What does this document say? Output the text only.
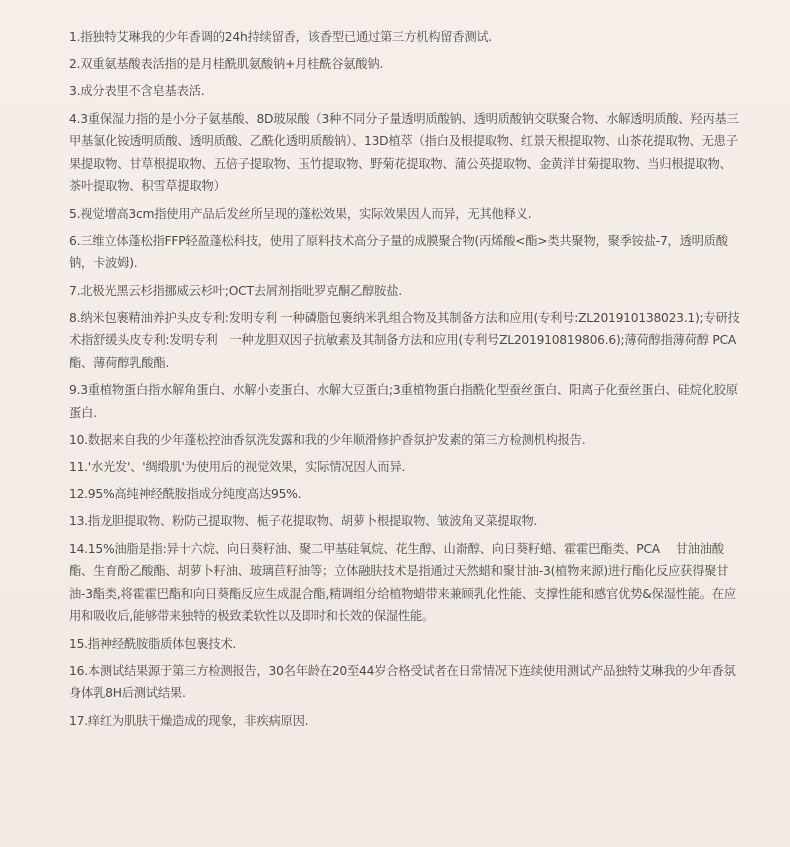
1.指独特艾琳我的少年香调的24h持续留香，该香型已通过第三方机构留香测试.

2.双重氨基酸表活指的是月桂酰肌氨酸钠+月桂酰谷氨酸钠.

3.成分表里不含皂基表活.

4.3重保湿力指的是小分子氨基酸、8D玻尿酸（3种不同分子量透明质酸钠、透明质酸钠交联聚合物、水解透明质酸、羟丙基三甲基氯化铵透明质酸、透明质酸、乙酰化透明质酸钠）、13D植萃（指白及根提取物、红景天根提取物、山茶花提取物、无患子果提取物、甘草根提取物、五倍子提取物、玉竹提取物、野菊花提取物、蒲公英提取物、金黄洋甘菊提取物、当归根提取物、茶叶提取物、积雪草提取物）

5.视觉增高3cm指使用产品后发丝所呈现的蓬松效果，实际效果因人而异，无其他释义.

6.三维立体蓬松指FFP轻盈蓬松科技，使用了原料技术高分子量的成膜聚合物(丙烯酸<酯>类共聚物，聚季铵盐-7，透明质酸钠，卡波姆).

7.北极光黑云杉指挪威云杉叶;OCT去屑剂指吡罗克酮乙醇胺盐.

8.纳米包裹精油养护头皮专利:发明专利 一种磷脂包裹纳米乳组合物及其制备方法和应用(专利号:ZL201910138023.1);专研技术指舒缓头皮专利:发明专利　一种龙胆双因子抗敏素及其制备方法和应用(专利号ZL201910819806.6);薄荷醇指薄荷醇 PCA 酯、薄荷醇乳酸酯.

9.3重植物蛋白指水解角蛋白、水解小麦蛋白、水解大豆蛋白;3重植物蛋白指酰化型蚕丝蛋白、阳离子化蚕丝蛋白、硅烷化胶原蛋白.

10.数据来自我的少年蓬松控油香氛洗发露和我的少年顺滑修护香氛护发素的第三方检测机构报告.

11.'水光发'、'绸缎肌'为使用后的视觉效果，实际情况因人而异.

12.95%高纯神经酰胺指成分纯度高达95%.

13.指龙胆提取物、粉防己提取物、栀子花提取物、胡萝卜根提取物、皱波角叉菜提取物.

14.15%油脂是指:异十六烷、向日葵籽油、聚二甲基硅氧烷、花生醇、山嵛醇、向日葵籽蜡、霍霍巴酯类、PCA　 甘油油酸酯、生育酚乙酸酯、胡萝卜籽油、玻璃苣籽油等；立体融肤技术是指通过天然蜡和聚甘油-3(植物来源)进行酯化反应获得聚甘油-3酯类,将霍霍巴酯和向日葵酯反应生成混合酯,精调组分给植物蜡带来兼顾乳化性能、支撑性能和感官优势&保湿性能。在应用和吸收后,能够带来独特的极致柔软性以及即时和长效的保湿性能。

15.指神经酰胺脂质体包裹技术.

16.本测试结果源于第三方检测报告，30名年龄在20至44岁合格受试者在日常情况下连续使用测试产品独特艾琳我的少年香氛身体乳8H后测试结果.

17.痒红为肌肤干燥造成的现象，非疾病原因.
